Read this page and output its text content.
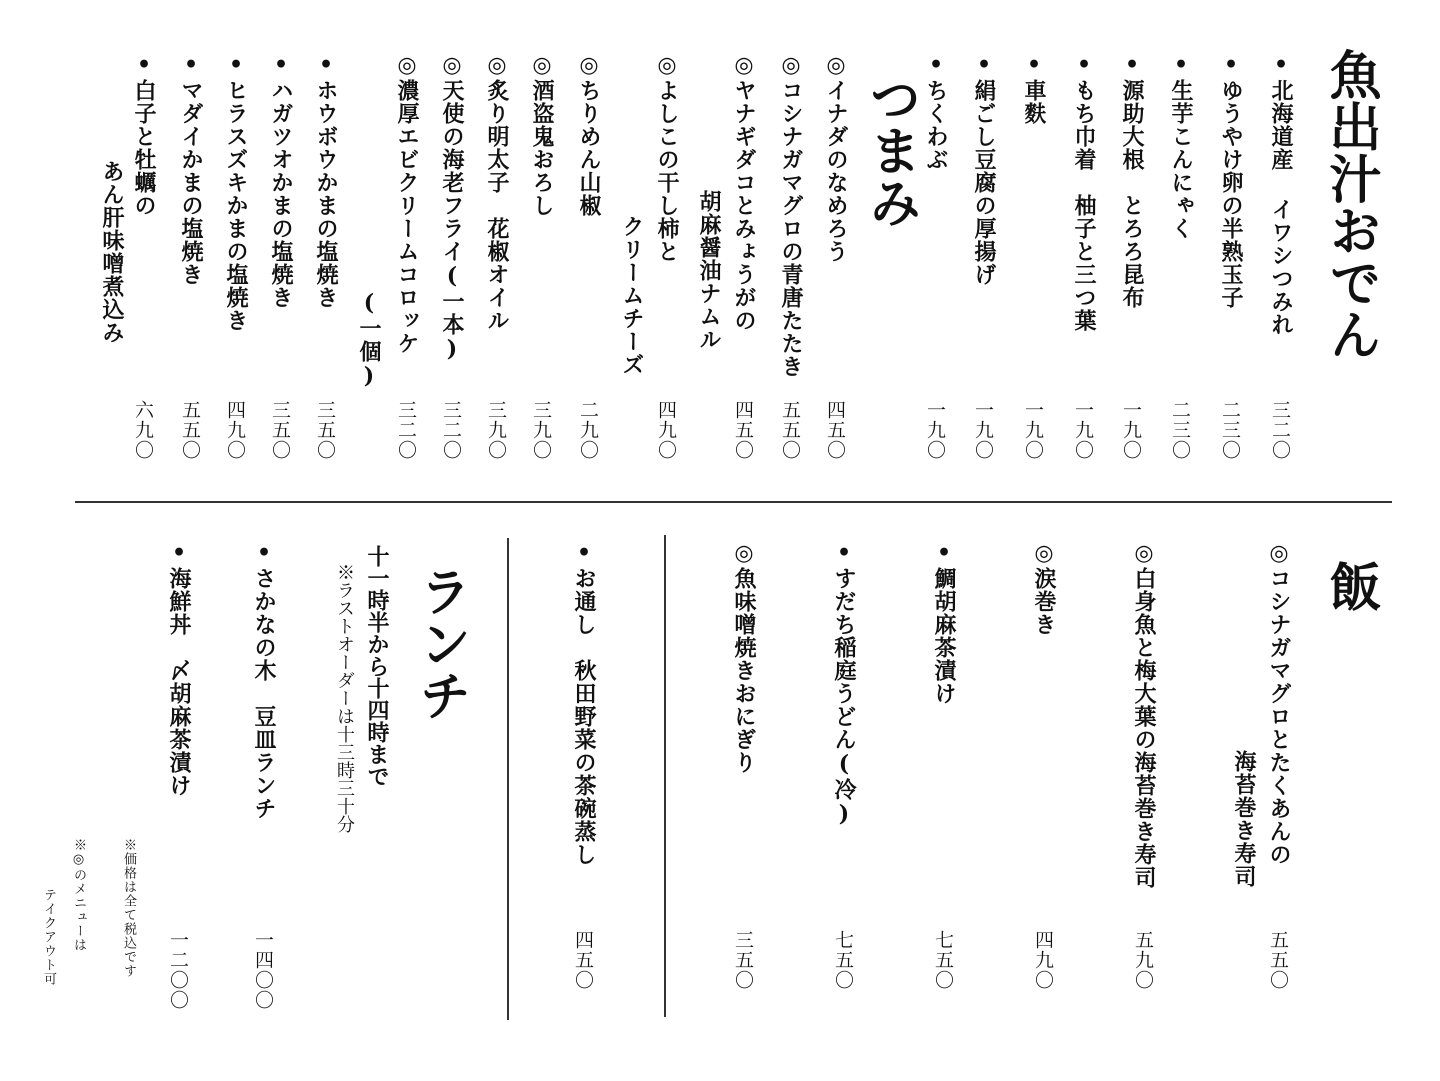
魚出汁おでん
つまみ
飯
ランチ
十一時半から十四時まで
※ラストオーダーは十三時三十分
※価格は全て税込です
※◎のメニューは
テイクアウト可
•北海道産 イワシつみれ
三二〇
•ゆうやけ卵の半熟玉子
二三〇
•生芋こんにゃく
二三〇
•源助大根　とろろ昆布
一九〇
•もち巾着　柚子と三つ葉
一九〇
•車麩
一九〇
•絹ごし豆腐の厚揚げ
一九〇
•ちくわぶ
一九〇
◎イナダのなめろう
四五〇
◎コシナガマグロの青唐たたき
五五〇
◎ヤナギダコとみょうがの
胡麻醤油ナムル
四五〇
◎よしこの干し柿と
クリームチーズ
四九〇
◎ちりめん山椒
二九〇
◎酒盗鬼おろし
三九〇
◎炙り明太子　花椒オイル
三九〇
◎天使の海老フライ(一本)
三二〇
◎濃厚エビクリームコロッケ
(一個)
三二〇
•ホウボウかまの塩焼き
三五〇
•ハガツオかまの塩焼き
三五〇
•ヒラスズキかまの塩焼き
四九〇
•マダイかまの塩焼き
五五〇
•白子と牡蠣の
あん肝味噌煮込み
六九〇
◎コシナガマグロとたくあんの
海苔巻き寿司
五五〇
◎白身魚と梅大葉の海苔巻き寿司
五九〇
◎涙巻き
四九〇
•鯛胡麻茶漬け
七五〇
•すだち稲庭うどん(冷)
七五〇
◎魚味噌焼きおにぎり
三五〇
•お通し　秋田野菜の茶碗蒸し
四五〇
•さかなの木　豆皿ランチ
一四〇〇
•海鮮丼　〆胡麻茶漬け
一二〇〇
